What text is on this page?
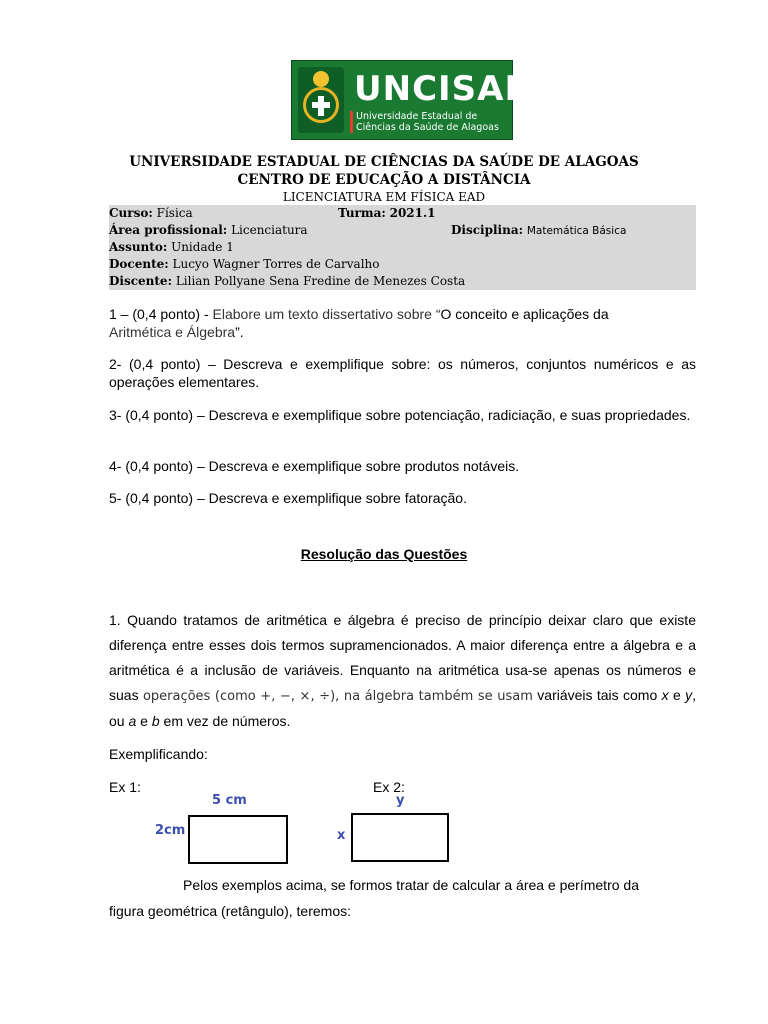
UNCISAL
Universidade Estadual de Ciências da Saúde de Alagoas
UNIVERSIDADE ESTADUAL DE CIÊNCIAS DA SAÚDE DE ALAGOAS
CENTRO DE EDUCAÇÃO A DISTÂNCIA
LICENCIATURA EM FÍSICA EAD
Curso: Física	Turma: 2021.1
Área profissional: Licenciatura	Disciplina: Matemática Básica
Assunto: Unidade 1
Docente: Lucyo Wagner Torres de Carvalho
Discente: Lilian Pollyane Sena Fredine de Menezes Costa
1 – (0,4 ponto) - Elabore um texto dissertativo sobre “O conceito e aplicações da
Aritmética e Álgebra”.
2- (0,4 ponto) – Descreva e exemplifique sobre: os números, conjuntos numéricos e as operações elementares.
3- (0,4 ponto) – Descreva e exemplifique sobre potenciação, radiciação, e suas propriedades.
4- (0,4 ponto) – Descreva e exemplifique sobre produtos notáveis.
5- (0,4 ponto) – Descreva e exemplifique sobre fatoração.
Resolução das Questões
1. Quando tratamos de aritmética e álgebra é preciso de princípio deixar claro que existe diferença entre esses dois termos supramencionados. A maior diferença entre a álgebra e a aritmética é a inclusão de variáveis. Enquanto na aritmética usa-se apenas os números e suas operações (como +, −, ×, ÷), na álgebra também se usam variáveis tais como x e y, ou a e b em vez de números.
Exemplificando:
Ex 1:	Ex 2:
5 cm
2cm
y
x
Pelos exemplos acima, se formos tratar de calcular a área e perímetro da
figura geométrica (retângulo), teremos:
